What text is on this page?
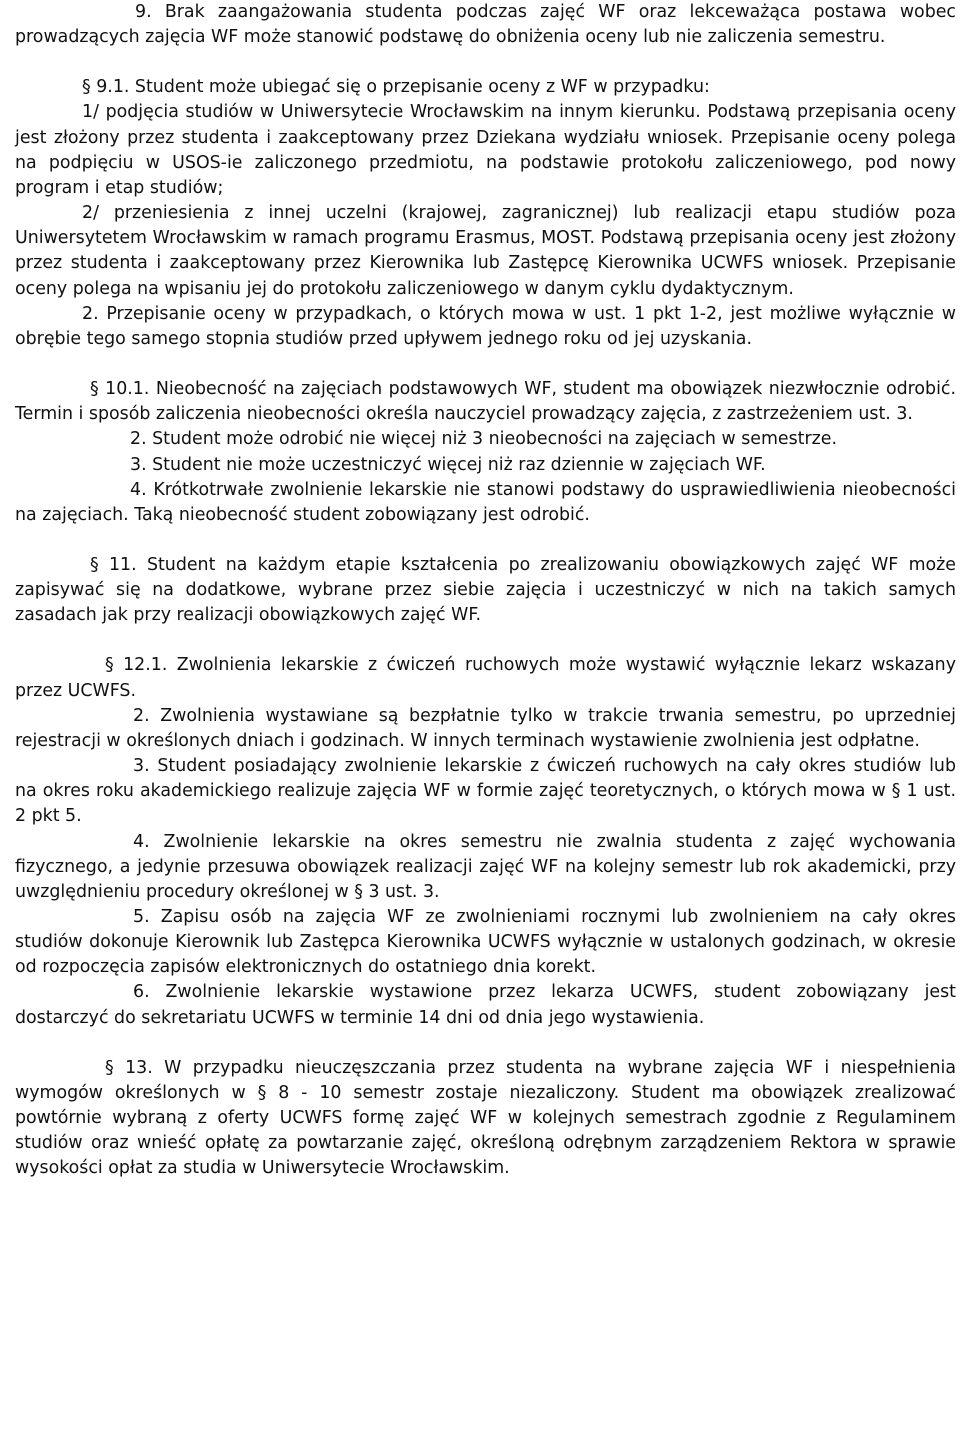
9. Brak zaangażowania studenta podczas zajęć WF oraz lekceważąca postawa wobec prowadzących zajęcia WF może stanowić podstawę do obniżenia oceny lub nie zaliczenia semestru.

§ 9.1. Student może ubiegać się o przepisanie oceny z WF w przypadku:

1/ podjęcia studiów w Uniwersytecie Wrocławskim na innym kierunku. Podstawą przepisania oceny jest złożony przez studenta i zaakceptowany przez Dziekana wydziału wniosek. Przepisanie oceny polega na podpięciu w USOS-ie zaliczonego przedmiotu, na podstawie protokołu zaliczeniowego, pod nowy program i etap studiów;

2/ przeniesienia z innej uczelni (krajowej, zagranicznej) lub realizacji etapu studiów poza Uniwersytetem Wrocławskim w ramach programu Erasmus, MOST. Podstawą przepisania oceny jest złożony przez studenta i zaakceptowany przez Kierownika lub Zastępcę Kierownika UCWFS wniosek. Przepisanie oceny polega na wpisaniu jej do protokołu zaliczeniowego w danym cyklu dydaktycznym.

2. Przepisanie oceny w przypadkach, o których mowa w ust. 1 pkt 1-2, jest możliwe wyłącznie w obrębie tego samego stopnia studiów przed upływem jednego roku od jej uzyskania.

§ 10.1. Nieobecność na zajęciach podstawowych WF, student ma obowiązek niezwłocznie odrobić. Termin i sposób zaliczenia nieobecności określa nauczyciel prowadzący zajęcia, z zastrzeżeniem ust. 3.

2. Student może odrobić nie więcej niż 3 nieobecności na zajęciach w semestrze.

3. Student nie może uczestniczyć więcej niż raz dziennie w zajęciach WF.

4. Krótkotrwałe zwolnienie lekarskie nie stanowi podstawy do usprawiedliwienia nieobecności na zajęciach. Taką nieobecność student zobowiązany jest odrobić.

§ 11. Student na każdym etapie kształcenia po zrealizowaniu obowiązkowych zajęć WF może zapisywać się na dodatkowe, wybrane przez siebie zajęcia i uczestniczyć w nich na takich samych zasadach jak przy realizacji obowiązkowych zajęć WF.

§ 12.1. Zwolnienia lekarskie z ćwiczeń ruchowych może wystawić wyłącznie lekarz wskazany przez UCWFS.

2. Zwolnienia wystawiane są bezpłatnie tylko w trakcie trwania semestru, po uprzedniej rejestracji w określonych dniach i godzinach. W innych terminach wystawienie zwolnienia jest odpłatne.

3. Student posiadający zwolnienie lekarskie z ćwiczeń ruchowych na cały okres studiów lub na okres roku akademickiego realizuje zajęcia WF w formie zajęć teoretycznych, o których mowa w § 1 ust. 2 pkt 5.

4. Zwolnienie lekarskie na okres semestru nie zwalnia studenta z zajęć wychowania fizycznego, a jedynie przesuwa obowiązek realizacji zajęć WF na kolejny semestr lub rok akademicki, przy uwzględnieniu procedury określonej w § 3 ust. 3.

5. Zapisu osób na zajęcia WF ze zwolnieniami rocznymi lub zwolnieniem na cały okres studiów dokonuje Kierownik lub Zastępca Kierownika UCWFS wyłącznie w ustalonych godzinach, w okresie od rozpoczęcia zapisów elektronicznych do ostatniego dnia korekt.

6. Zwolnienie lekarskie wystawione przez lekarza UCWFS, student zobowiązany jest dostarczyć do sekretariatu UCWFS w terminie 14 dni od dnia jego wystawienia.

§ 13. W przypadku nieuczęszczania przez studenta na wybrane zajęcia WF i niespełnienia wymogów określonych w § 8 - 10 semestr zostaje niezaliczony. Student ma obowiązek zrealizować powtórnie wybraną z oferty UCWFS formę zajęć WF w kolejnych semestrach zgodnie z Regulaminem studiów oraz wnieść opłatę za powtarzanie zajęć, określoną odrębnym zarządzeniem Rektora w sprawie wysokości opłat za studia w Uniwersytecie Wrocławskim.
